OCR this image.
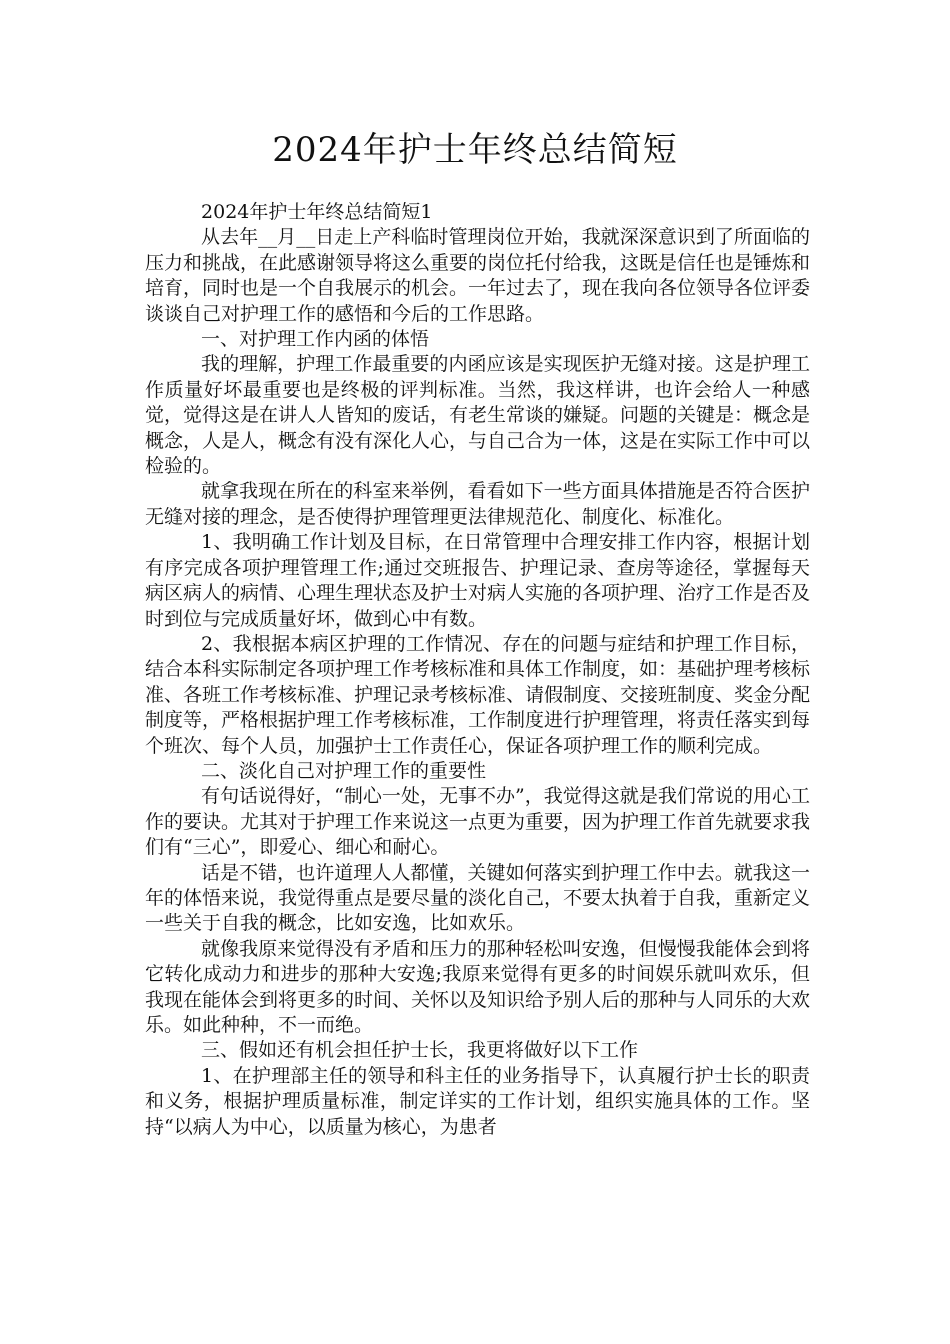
2024年护士年终总结简短

2024年护士年终总结简短1

从去年__月__日走上产科临时管理岗位开始，我就深深意识到了所面临的压力和挑战，在此感谢领导将这么重要的岗位托付给我，这既是信任也是锤炼和培育，同时也是一个自我展示的机会。一年过去了，现在我向各位领导各位评委谈谈自己对护理工作的感悟和今后的工作思路。

一、对护理工作内函的体悟

我的理解，护理工作最重要的内函应该是实现医护无缝对接。这是护理工作质量好坏最重要也是终极的评判标准。当然，我这样讲，也许会给人一种感觉，觉得这是在讲人人皆知的废话，有老生常谈的嫌疑。问题的关键是：概念是概念，人是人，概念有没有深化人心，与自己合为一体，这是在实际工作中可以检验的。

就拿我现在所在的科室来举例，看看如下一些方面具体措施是否符合医护无缝对接的理念，是否使得护理管理更法律规范化、制度化、标准化。

1、我明确工作计划及目标，在日常管理中合理安排工作内容，根据计划有序完成各项护理管理工作;通过交班报告、护理记录、查房等途径，掌握每天病区病人的病情、心理生理状态及护士对病人实施的各项护理、治疗工作是否及时到位与完成质量好坏，做到心中有数。

2、我根据本病区护理的工作情况、存在的问题与症结和护理工作目标，结合本科实际制定各项护理工作考核标准和具体工作制度，如：基础护理考核标准、各班工作考核标准、护理记录考核标准、请假制度、交接班制度、奖金分配制度等，严格根据护理工作考核标准，工作制度进行护理管理，将责任落实到每个班次、每个人员，加强护士工作责任心，保证各项护理工作的顺利完成。

二、淡化自己对护理工作的重要性

有句话说得好，“制心一处，无事不办”，我觉得这就是我们常说的用心工作的要诀。尤其对于护理工作来说这一点更为重要，因为护理工作首先就要求我们有“三心”，即爱心、细心和耐心。

话是不错，也许道理人人都懂，关键如何落实到护理工作中去。就我这一年的体悟来说，我觉得重点是要尽量的淡化自己，不要太执着于自我，重新定义一些关于自我的概念，比如安逸，比如欢乐。

就像我原来觉得没有矛盾和压力的那种轻松叫安逸，但慢慢我能体会到将它转化成动力和进步的那种大安逸;我原来觉得有更多的时间娱乐就叫欢乐，但我现在能体会到将更多的时间、关怀以及知识给予别人后的那种与人同乐的大欢乐。如此种种，不一而绝。

三、假如还有机会担任护士长，我更将做好以下工作

1、在护理部主任的领导和科主任的业务指导下，认真履行护士长的职责和义务，根据护理质量标准，制定详实的工作计划，组织实施具体的工作。坚持“以病人为中心，以质量为核心，为患者
